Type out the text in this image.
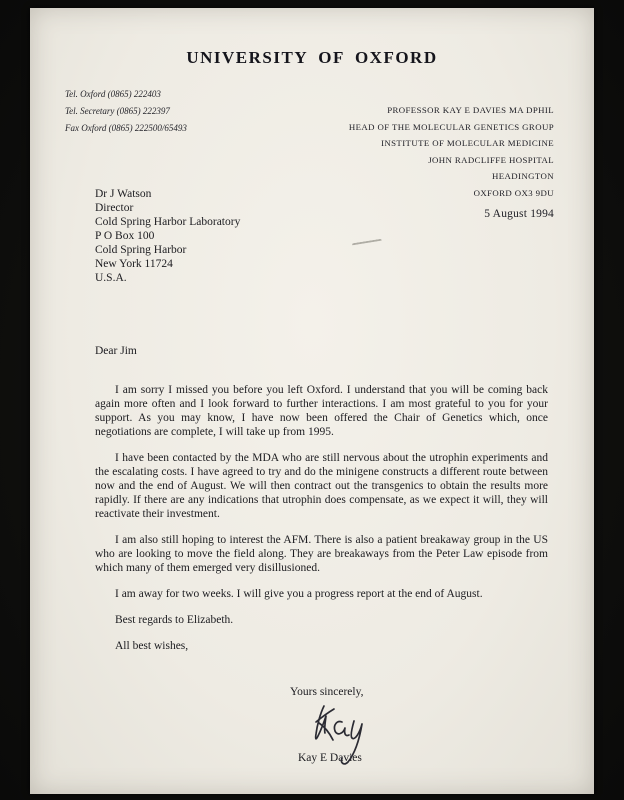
UNIVERSITY OF OXFORD
Tel. Oxford (0865) 222403
Tel. Secretary (0865) 222397
Fax Oxford (0865) 222500/65493
PROFESSOR KAY E DAVIES MA DPHIL
HEAD OF THE MOLECULAR GENETICS GROUP
INSTITUTE OF MOLECULAR MEDICINE
JOHN RADCLIFFE HOSPITAL
HEADINGTON
OXFORD OX3 9DU
5 August 1994
Dr J Watson
Director
Cold Spring Harbor Laboratory
P O Box 100
Cold Spring Harbor
New York 11724
U.S.A.
Dear Jim

I am sorry I missed you before you left Oxford. I understand that you will be coming back again more often and I look forward to further interactions. I am most grateful to you for your support. As you may know, I have now been offered the Chair of Genetics which, once negotiations are complete, I will take up from 1995.

I have been contacted by the MDA who are still nervous about the utrophin experiments and the escalating costs. I have agreed to try and do the minigene constructs a different route between now and the end of August. We will then contract out the transgenics to obtain the results more rapidly. If there are any indications that utrophin does compensate, as we expect it will, they will reactivate their investment.

I am also still hoping to interest the AFM. There is also a patient breakaway group in the US who are looking to move the field along. They are breakaways from the Peter Law episode from which many of them emerged very disillusioned.

I am away for two weeks. I will give you a progress report at the end of August.

Best regards to Elizabeth.

All best wishes,

Yours sincerely,
Kay E Davies
